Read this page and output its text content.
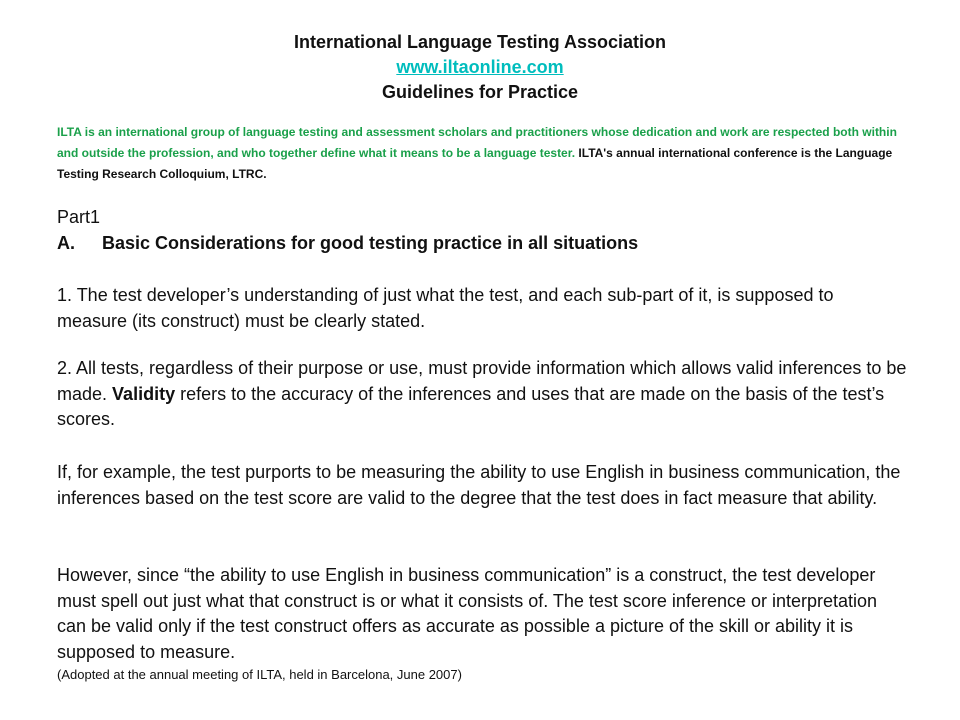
International Language Testing Association
www.iltaonline.com
Guidelines for Practice
ILTA is an international group of language testing and assessment scholars and practitioners whose dedication and work are respected both within and outside the profession, and who together define what it means to be a language tester. ILTA's annual international conference is the Language Testing Research Colloquium, LTRC.
Part1
A. Basic Considerations for good testing practice in all situations
1. The test developer’s understanding of just what the test, and each sub-part of it, is supposed to measure (its construct) must be clearly stated.
2. All tests, regardless of their purpose or use, must provide information which allows valid inferences to be made. Validity refers to the accuracy of the inferences and uses that are made on the basis of the test’s scores.
If, for example, the test purports to be measuring the ability to use English in business communication, the inferences based on the test score are valid to the degree that the test does in fact measure that ability.
However, since “the ability to use English in business communication” is a construct, the test developer must spell out just what that construct is or what it consists of. The test score inference or interpretation can be valid only if the test construct offers as accurate as possible a picture of the skill or ability it is supposed to measure.
(Adopted at the annual meeting of ILTA, held in Barcelona, June 2007)
